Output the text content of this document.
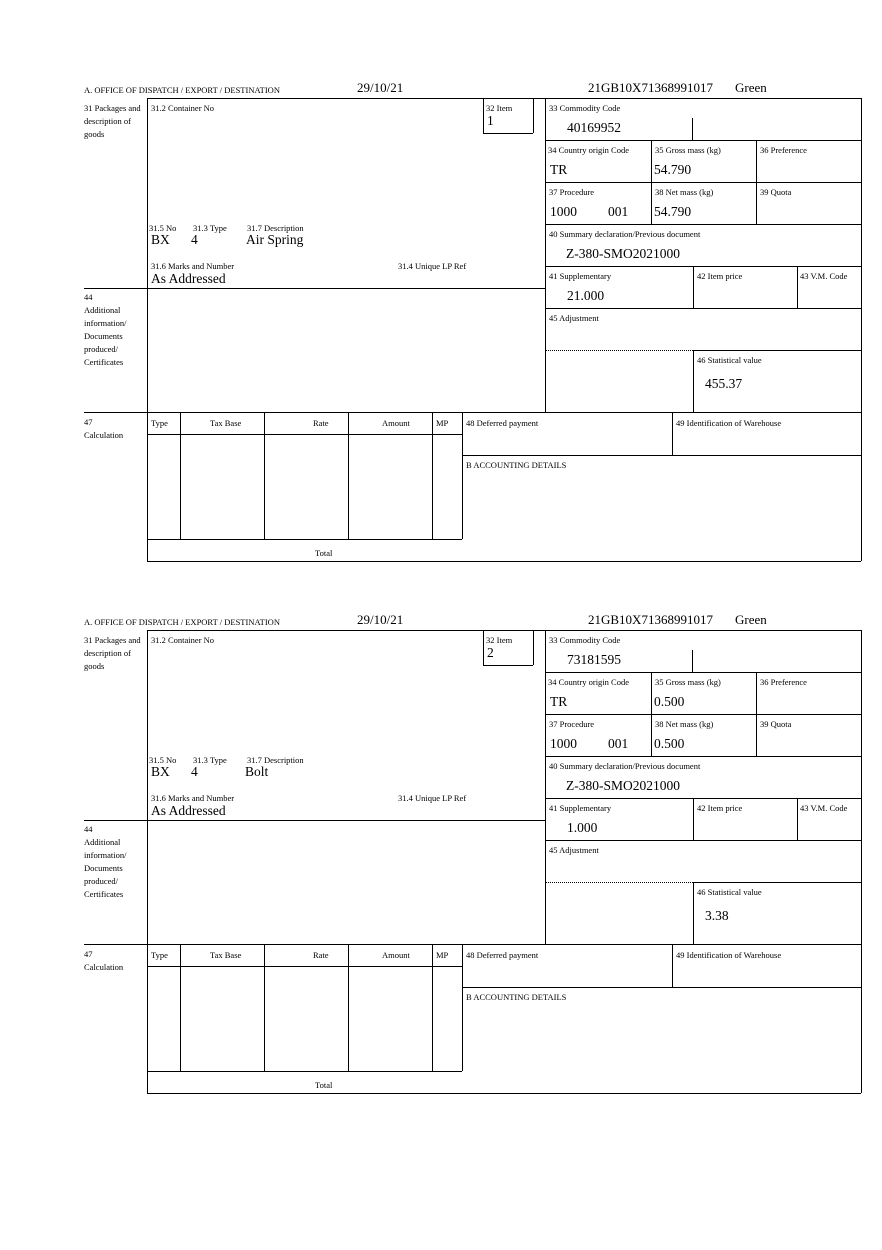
A. OFFICE OF DISPATCH / EXPORT / DESTINATION	29/10/21	21GB10X71368991017 Green
31 Packages and description of goods
31.2 Container No	32 Item
1
33 Commodity Code
40169952
34 Country origin Code
TR
35 Gross mass (kg)
54.790
36 Preference
37 Procedure
1000 001
38 Net mass (kg)
54.790
39 Quota
40 Summary declaration/Previous document
Z-380-SMO2021000
31.5 No 31.3 Type 31.7 Description
BX 4	Air Spring
31.6 Marks and Number	31.4 Unique LP Ref
As Addressed	41 Supplementary
21.000
42 Item price	43 V.M. Code
44
Additional information/ Documents produced/ Certificates
45 Adjustment
46 Statistical value
455.37
47
Calculation
Type	Tax Base	Rate	Amount	MP
Total
48 Deferred payment	49 Identification of Warehouse
B ACCOUNTING DETAILS
A. OFFICE OF DISPATCH / EXPORT / DESTINATION	29/10/21	21GB10X71368991017 Green
31 Packages and description of goods
31.2 Container No	32 Item
2
33 Commodity Code
73181595
34 Country origin Code
TR
35 Gross mass (kg)
0.500
36 Preference
37 Procedure
1000 001
38 Net mass (kg)
0.500
39 Quota
40 Summary declaration/Previous document
Z-380-SMO2021000
31.5 No 31.3 Type 31.7 Description
BX 4	Bolt
31.6 Marks and Number	31.4 Unique LP Ref
As Addressed	41 Supplementary
1.000
42 Item price	43 V.M. Code
44
Additional information/ Documents produced/ Certificates
45 Adjustment
46 Statistical value
3.38
47
Calculation
Type	Tax Base	Rate	Amount	MP
Total
48 Deferred payment	49 Identification of Warehouse
B ACCOUNTING DETAILS
